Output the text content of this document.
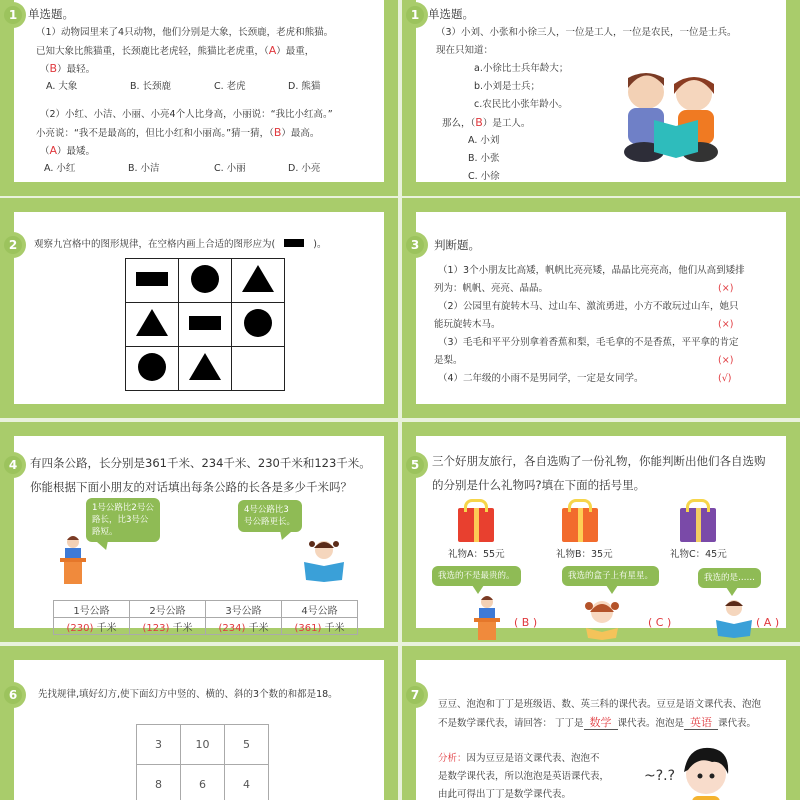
1 单选题。
（1）动物园里来了4只动物，他们分别是大象，长颈鹿，老虎和熊猫。
已知大象比熊猫重，长颈鹿比老虎轻，熊猫比老虎重，（A）最重，
（B）最轻。
A. 大象	B. 长颈鹿	C. 老虎	D. 熊猫
（2）小红、小洁、小丽、小亮4个人比身高，小丽说：“我比小红高。”
小亮说：“我不是最高的，但比小红和小丽高。”猜一猜，（B）最高。
（A）最矮。
A. 小红	B. 小洁	C. 小丽	D. 小亮
1 单选题。
（3）小刘、小张和小徐三人，一位是工人，一位是农民，一位是士兵。
现在只知道：
a.小徐比士兵年龄大；
b.小刘是士兵；
c.农民比小张年龄小。
那么，（B）是工人。
A. 小刘
B. 小张
C. 小徐
2	观察九宫格中的图形规律，在空格内画上合适的图形应为(	)。

			3	判断题。
（1）3个小朋友比高矮，帆帆比亮亮矮，晶晶比亮亮高，他们从高到矮排
列为：帆帆、亮亮、晶晶。	(×)
（2）公园里有旋转木马、过山车、激流勇进，小方不敢玩过山车，她只
能玩旋转木马。	(×)
（3）毛毛和平平分别拿着香蕉和梨，毛毛拿的不是香蕉，平平拿的肯定
是梨。	(×)
（4）二年级的小雨不是男同学，一定是女同学。	(√)
4	有四条公路，长分别是361千米、234千米、230千米和123千米。
你能根据下面小朋友的对话填出每条公路的长各是多少千米吗？
1号公路比2号公路长，比3号公路短。
4号公路比3号公路更长。
1号公路	2号公路	3号公路	4号公路
(230) 千米	(123) 千米	(234) 千米	(361) 千米
5	三个好朋友旅行，各自选购了一份礼物，你能判断出他们各自选购
的分别是什么礼物吗?填在下面的括号里。
礼物A：55元	礼物B：35元	礼物C：45元
我选的不是最贵的。	我选的盒子上有星星。	我选的是……
( B )	( C )	( A )
6	先找规律,填好幻方,使下面幻方中竖的、横的、斜的3个数的和都是18。
3	10	5
8	6	4

7
豆豆、泡泡和丁丁是班级语、数、英三科的课代表。豆豆是语文课代表、泡泡
不是数学课代表，请回答： 丁丁是 数学 课代表。泡泡是 英语 课代表。
分析：因为豆豆是语文课代表、泡泡不
是数学课代表，所以泡泡是英语课代表，
由此可得出丁丁是数学课代表。
~?.?
